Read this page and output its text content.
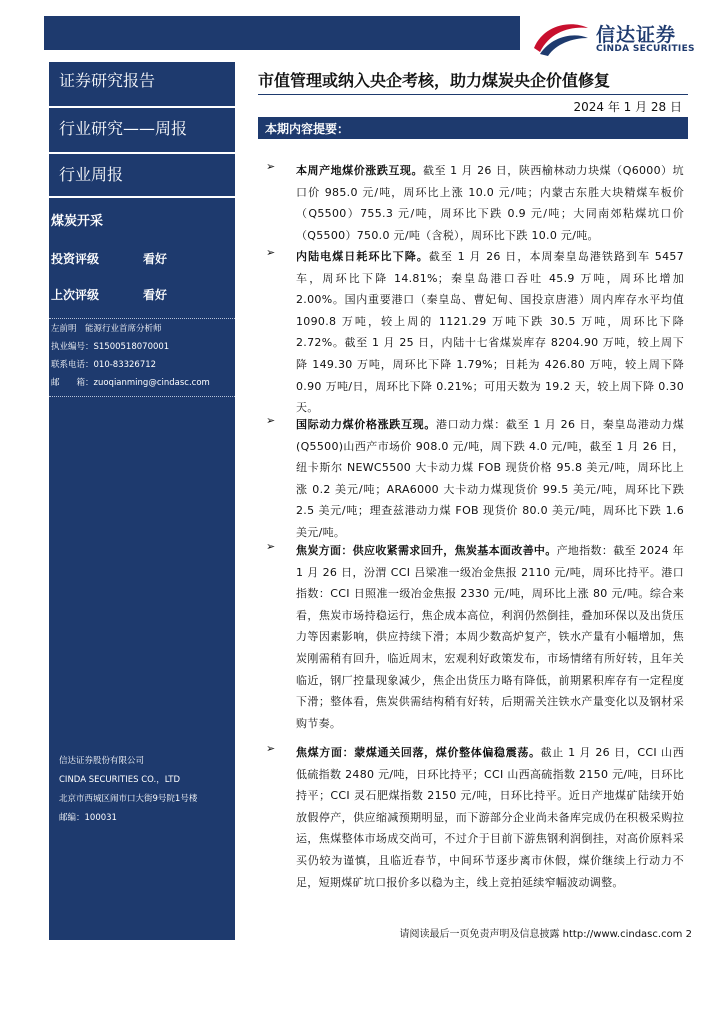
信达证券
CINDA SECURITIES
证券研究报告
行业研究——周报
行业周报
煤炭开采
投资评级	看好
上次评级	看好
左前明　能源行业首席分析师
执业编号：S1500518070001
联系电话：010-83326712
邮　　箱：zuoqianming@cindasc.com
信达证券股份有限公司
CINDA SECURITIES CO.，LTD
北京市西城区闹市口大街9号院1号楼
邮编：100031
市值管理或纳入央企考核，助力煤炭央企价值修复
2024 年 1 月 28 日
本期内容提要：
➢ 本周产地煤价涨跌互现。截至 1 月 26 日，陕西榆林动力块煤（Q6000）坑口价 985.0 元/吨，周环比上涨 10.0 元/吨；内蒙古东胜大块精煤车板价（Q5500）755.3 元/吨，周环比下跌 0.9 元/吨；大同南郊粘煤坑口价（Q5500）750.0 元/吨（含税），周环比下跌 10.0 元/吨。
➢ 内陆电煤日耗环比下降。截至 1 月 26 日，本周秦皇岛港铁路到车 5457 车，周环比下降 14.81%；秦皇岛港口吞吐 45.9 万吨，周环比增加 2.00%。国内重要港口（秦皇岛、曹妃甸、国投京唐港）周内库存水平均值 1090.8 万吨，较上周的 1121.29 万吨下跌 30.5 万吨，周环比下降 2.72%。截至 1 月 25 日，内陆十七省煤炭库存 8204.90 万吨，较上周下降 149.30 万吨，周环比下降 1.79%；日耗为 426.80 万吨，较上周下降 0.90 万吨/日，周环比下降 0.21%；可用天数为 19.2 天，较上周下降 0.30 天。
➢ 国际动力煤价格涨跌互现。港口动力煤：截至 1 月 26 日，秦皇岛港动力煤(Q5500)山西产市场价 908.0 元/吨，周下跌 4.0 元/吨，截至 1 月 26 日，纽卡斯尔 NEWC5500 大卡动力煤 FOB 现货价格 95.8 美元/吨，周环比上涨 0.2 美元/吨；ARA6000 大卡动力煤现货价 99.5 美元/吨，周环比下跌 2.5 美元/吨；理查兹港动力煤 FOB 现货价 80.0 美元/吨，周环比下跌 1.6 美元/吨。
➢ 焦炭方面：供应收紧需求回升，焦炭基本面改善中。产地指数：截至 2024 年 1 月 26 日，汾渭 CCI 吕梁准一级冶金焦报 2110 元/吨，周环比持平。港口指数：CCI 日照准一级冶金焦报 2330 元/吨，周环比上涨 80 元/吨。综合来看，焦炭市场持稳运行，焦企成本高位，利润仍然倒挂，叠加环保以及出货压力等因素影响，供应持续下滑；本周少数高炉复产，铁水产量有小幅增加，焦炭刚需稍有回升，临近周末，宏观利好政策发布，市场情绪有所好转，且年关临近，钢厂控量现象减少，焦企出货压力略有降低，前期累积库存有一定程度下滑；整体看，焦炭供需结构稍有好转，后期需关注铁水产量变化以及钢材采购节奏。
➢ 焦煤方面：蒙煤通关回落，煤价整体偏稳震荡。截止 1 月 26 日，CCI 山西低硫指数 2480 元/吨，日环比持平；CCI 山西高硫指数 2150 元/吨，日环比持平；CCI 灵石肥煤指数 2150 元/吨，日环比持平。近日产地煤矿陆续开始放假停产，供应缩减预期明显，而下游部分企业尚未备库完成仍在积极采购拉运，焦煤整体市场成交尚可，不过介于目前下游焦钢利润倒挂，对高价原料采买仍较为谨慎，且临近春节，中间环节逐步离市休假，煤价继续上行动力不足，短期煤矿坑口报价多以稳为主，线上竞拍延续窄幅波动调整。
请阅读最后一页免责声明及信息披露 http://www.cindasc.com 2
